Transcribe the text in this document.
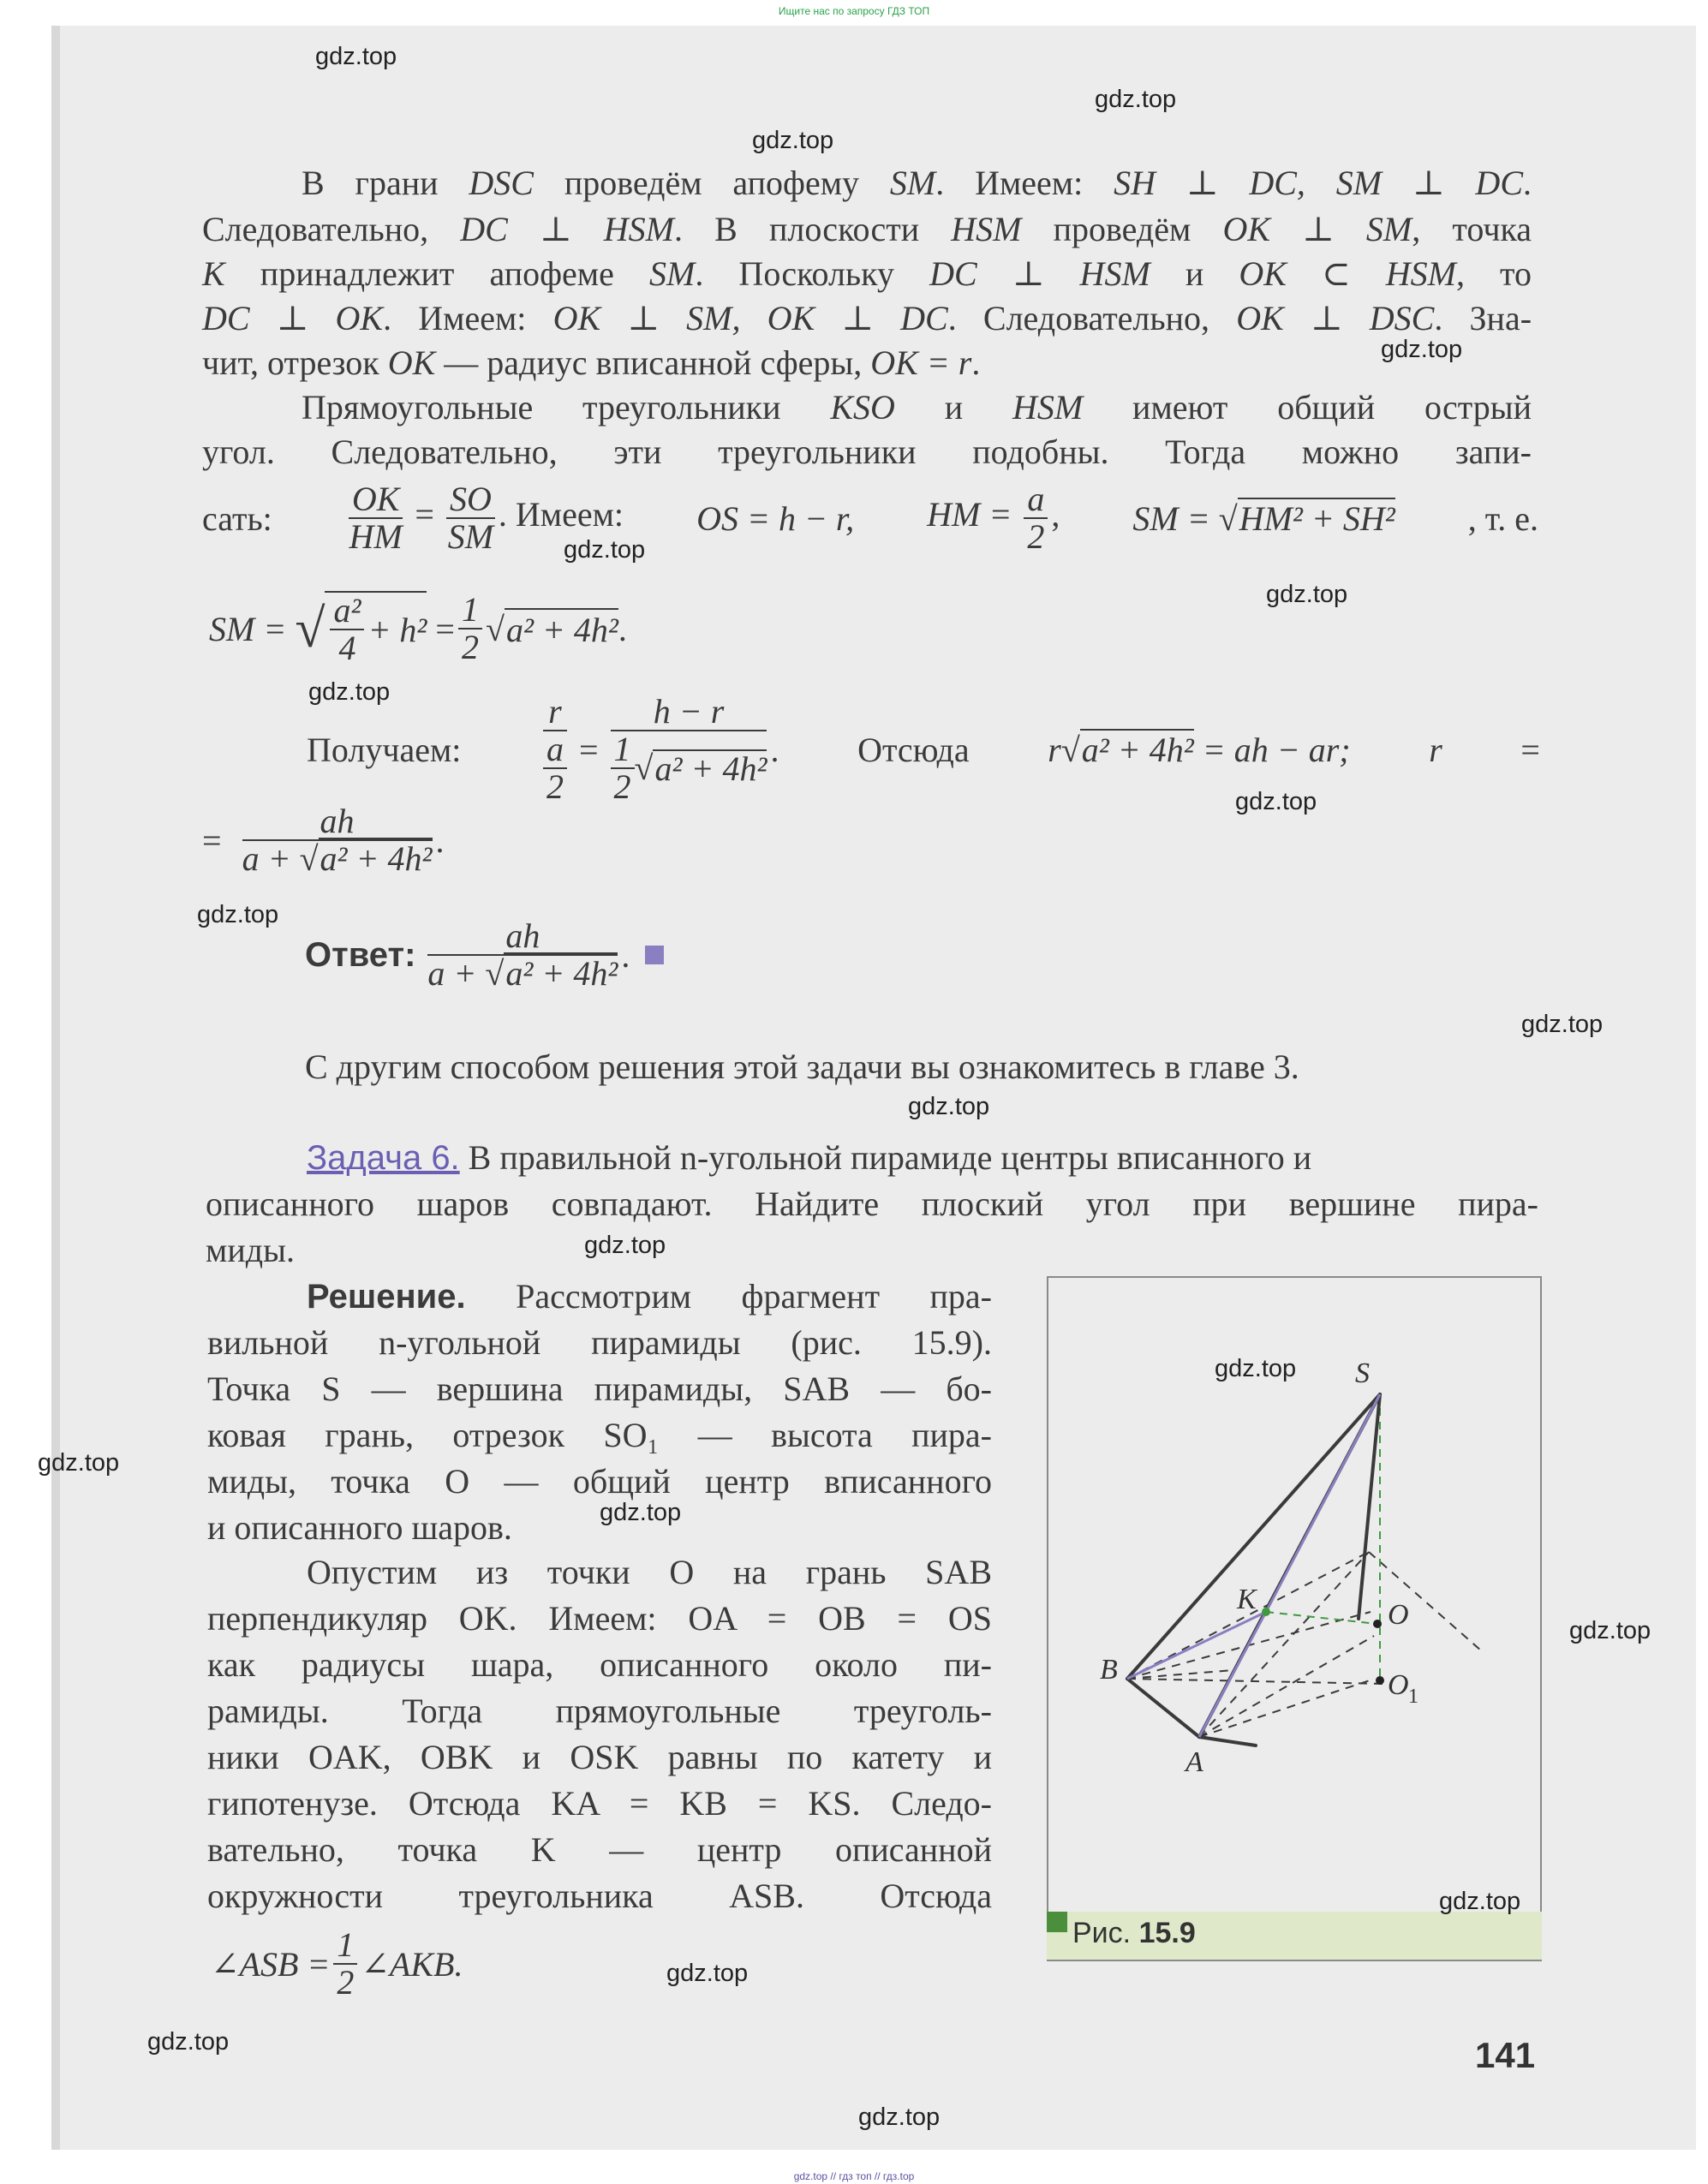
Ищите нас по запросу ГДЗ ТОП
В грани DSC проведём апофему SM. Имеем: SH ⊥ DC, SM ⊥ DC.
Следовательно, DC ⊥ HSM. В плоскости HSM проведём OK ⊥ SM, точка
K принадлежит апофеме SM. Поскольку DC ⊥ HSM и OK ⊂ HSM, то
DC ⊥ OK. Имеем: OK ⊥ SM, OK ⊥ DC. Следовательно, OK ⊥ DSC. Зна-
чит, отрезок OK — радиус вписанной сферы, OK = r.
Прямоугольные треугольники KSO и HSM имеют общий острый
угол. Следовательно, эти треугольники подобны. Тогда можно запи-
сать: $\frac{OK}{HM} = \frac{SO}{SM}$ . Имеем: OS = h − r, HM = $\frac{a}{2}$ , SM = √HM² + SH² , т. е.
SM =
√ $\frac{\text{a²}}{4} + h^2$
= $\frac{1}{2}$ √ a² + 4h² .
Получаем: r
a
$2 = \frac{h - r}{\frac{1}{2} √ a^2 + 4h^2}$ . Отсюда r√a² + 4h² = ah − ar; r =
=
$\frac{ah}{\text{a + √a² + 4h²}}$ .
Ответ:
$\frac{ah}{\text{a + √a² + 4h²}}$ .
С другим способом решения этой задачи вы ознакомитесь в главе 3.
Задача 6. В правильной n-угольной пирамиде центры вписанного и
описанного шаров совпадают. Найдите плоский угол при вершине пира-
миды.
Решение. Рассмотрим фрагмент пра-
вильной n-угольной пирамиды (рис. 15.9).
Точка S — вершина пирамиды, SAB — бо-
ковая грань, отрезок SO₁ — высота пира-
миды, точка O — общий центр вписанного
и описанного шаров.
Опустим из точки O на грань SAB
перпендикуляр OK. Имеем: OA = OB = OS
как радиусы шара, описанного около пи-
рамиды. Тогда прямоугольные треуголь-
ники OAK, OBK и OSK равны по катету и
гипотенузе. Отсюда KA = KB = KS. Следо-
вательно, точка K — центр описанной
окружности треугольника ASB. Отсюда
∠ASB = $\frac{1}{2}$ ∠AKB.
S
K	O
B
A
O 1
Рис. 15.9
141
gdz.top
gdz.top
gdz.top
gdz.top
gdz.top
gdz.top
gdz.top
gdz.top
gdz.top
gdz.top
gdz.top
gdz.top
gdz.top
gdz.top
gdz.top
gdz.top
gdz.top
gdz.top
gdz.top
gdz.top
gdz.top // гдз топ // гдз.top
